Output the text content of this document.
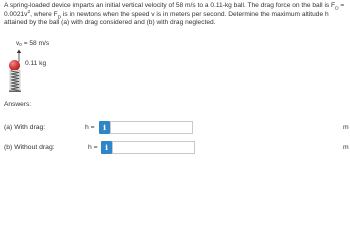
A spring-loaded device imparts an initial vertical velocity of 58 m/s to a 0.11-kg ball. The drag force on the ball is $F_D = 0.0021v^2$, where $F_D$ is in newtons when the speed v is in meters per second. Determine the maximum altitude h attained by the ball (a) with drag considered and (b) with drag neglected.

$v_0 = 58$ m/s
0.11 kg
Answers:
(a) With drag:	h =	i	m
(b) Without drag:	h = i	m
